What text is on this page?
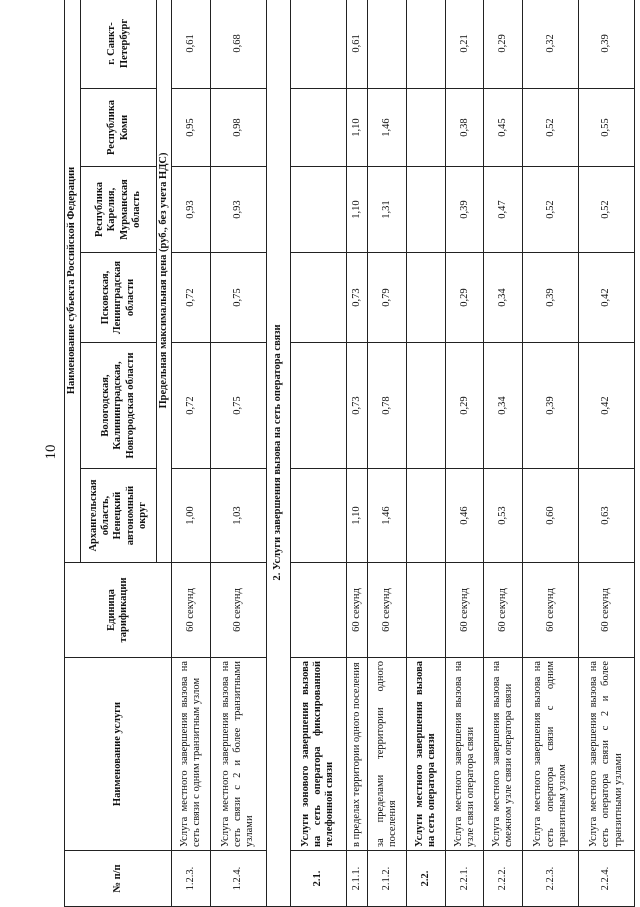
10
№ п/п	Наименование услуги	Единица тарификации	Наименование субъекта Российской Федерации					
			Архангельская область, Ненецкий автономный округ	Вологодская, Калининградская, Новгородская области	Псковская, Ленинградская области	Республика Карелия, Мурманская область	Республика Коми	г. Санкт-Петербург
			Предельная максимальная цена (руб., без учета НДС)					
1.2.3.	Услуга местного завершения вызова на сеть связи с одним транзитным узлом	60 секунд	1,00	0,72	0,72	0,93	0,95	0,61
1.2.4.	Услуга местного завершения вызова на сеть связи с 2 и более транзитными узлами	60 секунд	1,03	0,75	0,75	0,93	0,98	0,68
2. Услуги завершения вызова на сеть оператора связи								
2.1.	Услуги зонового завершения вызова на сеть оператора фиксированной телефонной связи							
2.1.1.	в пределах территории одного поселения	60 секунд	1,10	0,73	0,73	1,10	1,10	0,61
2.1.2.	за пределами территории одного поселения	60 секунд	1,46	0,78	0,79	1,31	1,46	
2.2.	Услуги местного завершения вызова на сеть оператора связи							
2.2.1.	Услуга местного завершения вызова на узле связи оператора связи	60 секунд	0,46	0,29	0,29	0,39	0,38	0,21
2.2.2.	Услуга местного завершения вызова на смежном узле связи оператора связи	60 секунд	0,53	0,34	0,34	0,47	0,45	0,29
2.2.3.	Услуга местного завершения вызова на сеть оператора связи с одним транзитным узлом	60 секунд	0,60	0,39	0,39	0,52	0,52	0,32
2.2.4.	Услуга местного завершения вызова на сеть оператора связи с 2 и более транзитными узлами	60 секунд	0,63	0,42	0,42	0,52	0,55	0,39
